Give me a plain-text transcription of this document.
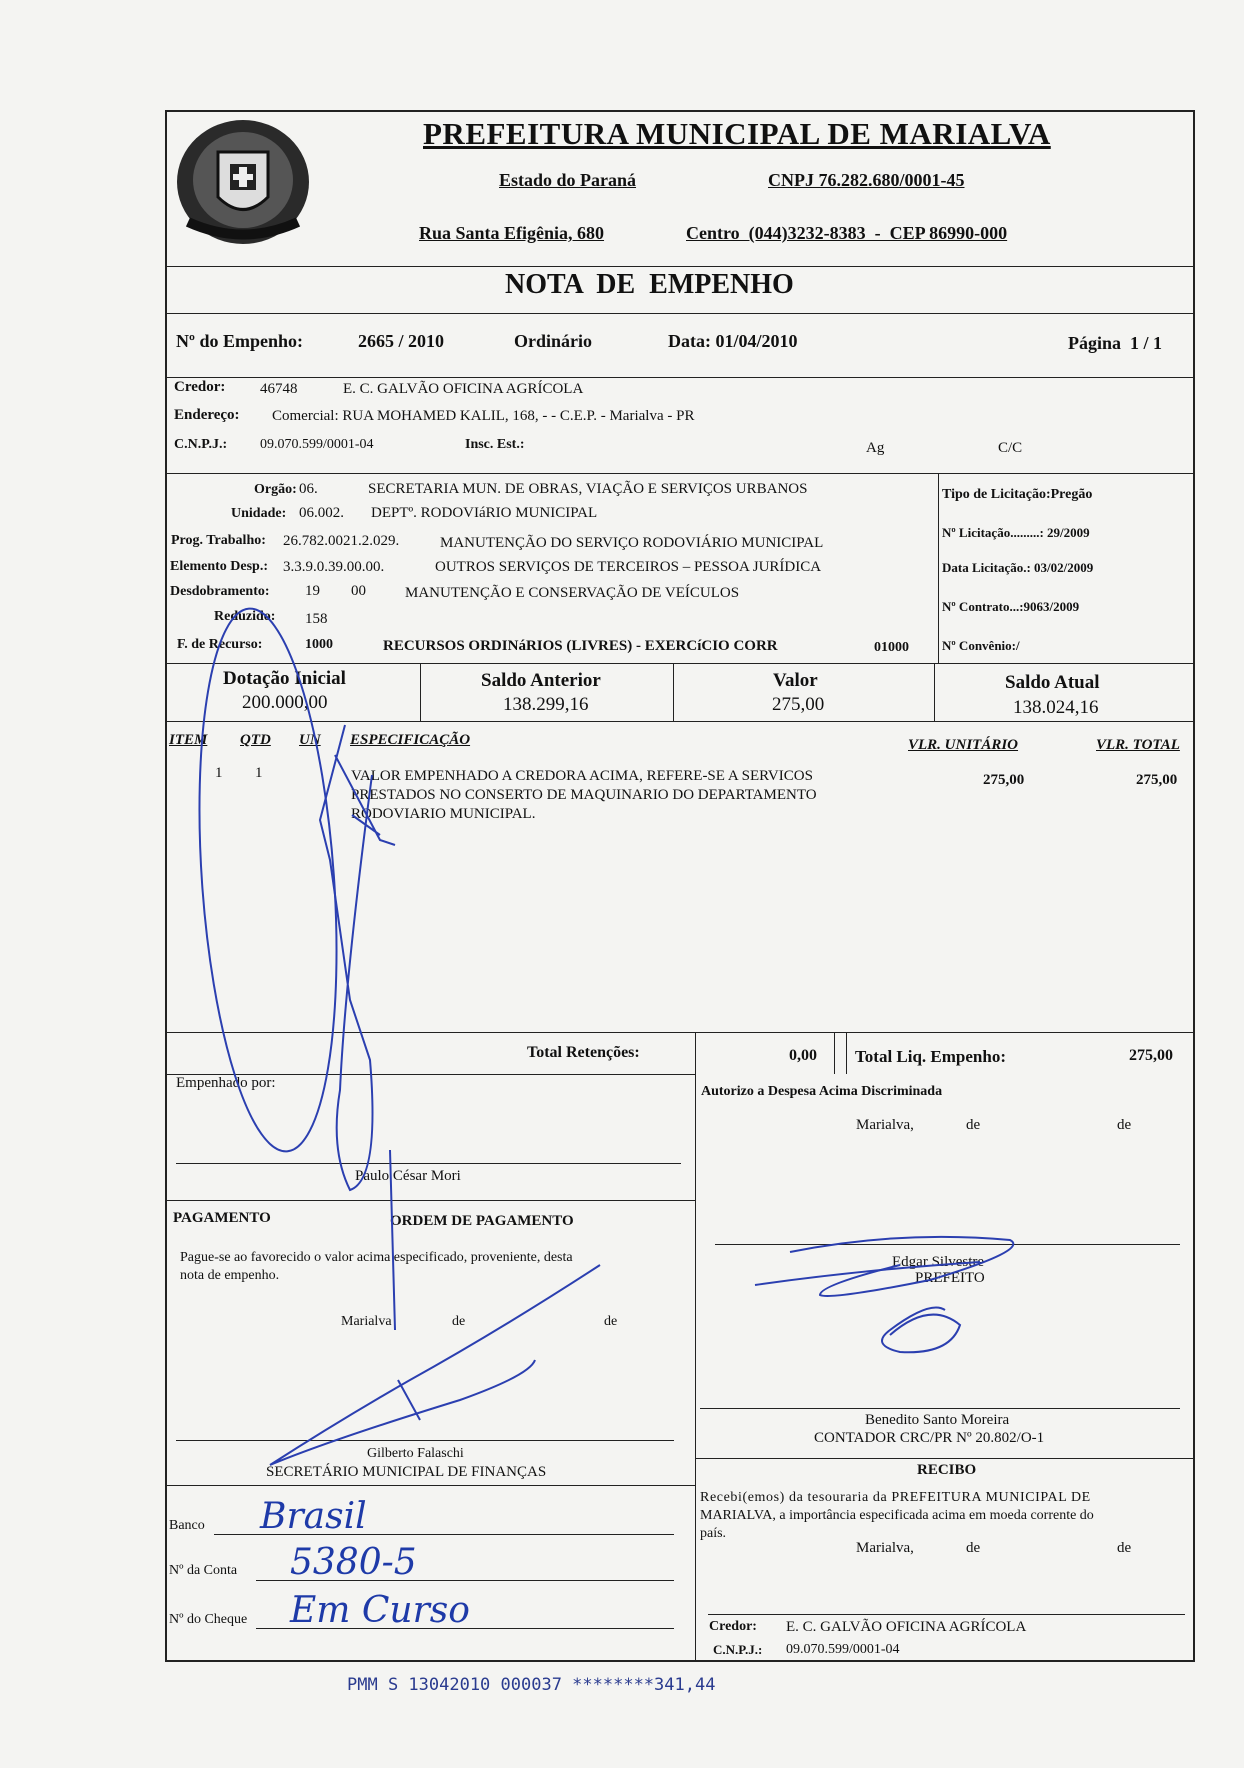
PREFEITURA MUNICIPAL DE MARIALVA
Estado do Paraná	CNPJ 76.282.680/0001-45
Rua Santa Efigênia, 680	Centro  (044)3232-8383  -  CEP 86990-000
NOTA  DE  EMPENHO
Nº do Empenho:	2665 / 2010	Ordinário	Data: 01/04/2010	Página  1 / 1
Credor: 46748	E. C. GALVÃO OFICINA AGRÍCOLA
Endereço: Comercial: RUA MOHAMED KALIL, 168, - - C.E.P. - Marialva - PR
C.N.P.J.: 09.070.599/0001-04	Insc. Est.:	Ag	C/C
Orgão: 06.	SECRETARIA MUN. DE OBRAS, VIAÇÃO E SERVIÇOS URBANOS
Unidade: 06.002. DEPTº. RODOVIáRIO MUNICIPAL
Prog. Trabalho: 26.782.0021.2.029.	MANUTENÇÃO DO SERVIÇO RODOVIÁRIO MUNICIPAL
Elemento Desp.: 3.3.9.0.39.00.00.	OUTROS SERVIÇOS DE TERCEIROS – PESSOA JURÍDICA
Desdobramento: 19 00	MANUTENÇÃO E CONSERVAÇÃO DE VEÍCULOS
Reduzido: 158
F. de Recurso:	1000	RECURSOS ORDINáRIOS (LIVRES) - EXERCíCIO CORR	01000
Tipo de Licitação:Pregão
Nº Licitação.........: 29/2009
Data Licitação.: 03/02/2009
Nº Contrato...:9063/2009
Nº Convênio:/
Dotação Inicial
200.000,00
Saldo Anterior
138.299,16
Valor
275,00
Saldo Atual
138.024,16
ITEM QTD UN ESPECIFICAÇÃO	VLR. UNITÁRIO	VLR. TOTAL
1 1	VALOR EMPENHADO A CREDORA ACIMA, REFERE-SE A SERVICOS
PRESTADOS NO CONSERTO DE MAQUINARIO DO DEPARTAMENTO
RODOVIARIO MUNICIPAL.
275,00	275,00
Total Retenções:	0,00 Total Liq. Empenho:	275,00
Empenhado por:
Paulo César Mori
Autorizo a Despesa Acima Discriminada
Marialva,	de	de
Edgar Silvestre
PREFEITO
Benedito Santo Moreira
CONTADOR CRC/PR Nº 20.802/O-1
PAGAMENTO	ORDEM DE PAGAMENTO
Pague-se ao favorecido o valor acima especificado, proveniente, desta
nota de empenho.
Marialva	de	de
Gilberto Falaschi
SECRETÁRIO MUNICIPAL DE FINANÇAS
Banco Brasil
Nº da Conta 5380-5
Nº do Cheque Em Curso
RECIBO
Recebi(emos) da tesouraria da PREFEITURA MUNICIPAL DE
MARIALVA, a importância especificada acima em moeda corrente do
país.
Marialva,	de	de
Credor: E. C. GALVÃO OFICINA AGRÍCOLA
C.N.P.J.: 09.070.599/0001-04
PMM S 13042010 000037 ********341,44
